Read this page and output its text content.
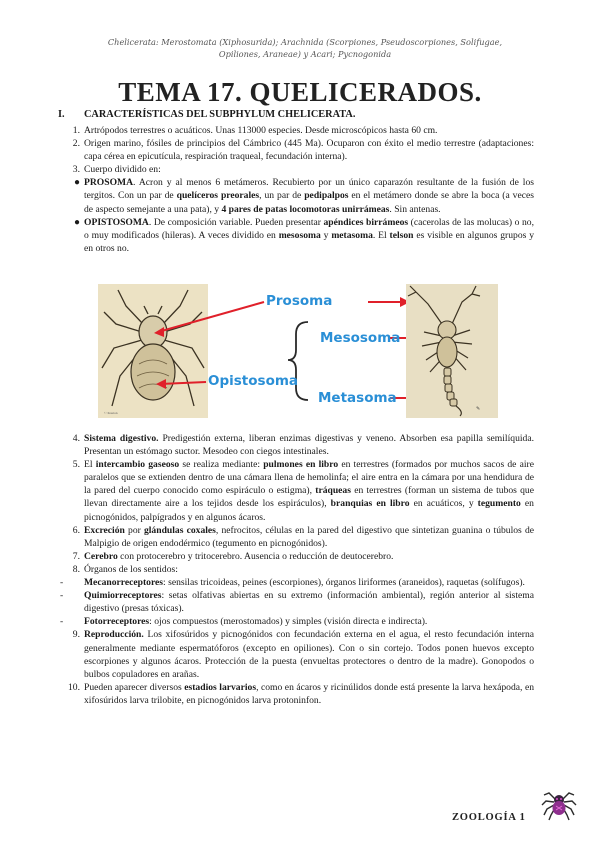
Chelicerata: Merostomata (Xiphosurida); Arachnida (Scorpiones, Pseudoscorpiones, Solifugae, Opiliones, Araneae) y Acari; Pycnogonida
TEMA 17. QUELICERADOS.
I. CARACTERÍSTICAS DEL SUBPHYLUM CHELICERATA.
1. Artrópodos terrestres o acuáticos. Unas 113000 especies. Desde microscópicos hasta 60 cm.
2. Origen marino, fósiles de principios del Cámbrico (445 Ma). Ocuparon con éxito el medio terrestre (adaptaciones: capa cérea en epicutícula, respiración traqueal, fecundación interna).
3. Cuerpo dividido en:
● PROSOMA. Acron y al menos 6 metámeros. Recubierto por un único caparazón resultante de la fusión de los tergitos. Con un par de quelíceros preorales, un par de pedipalpos en el metámero donde se abre la boca (a veces de aspecto semejante a una pata), y 4 pares de patas locomotoras unirrámeas. Sin antenas.
● OPISTOSOMA. De composición variable. Pueden presentar apéndices birrámeos (cacerolas de las molucas) o no, o muy modificados (hileras). A veces dividido en mesosoma y metasoma. El telson es visible en algunos grupos y en otros no.
© Kaston
Prosoma
Mesosoma
Opistosoma
Metasoma
✎
4. Sistema digestivo. Predigestión externa, liberan enzimas digestivas y veneno. Absorben esa papilla semilíquida. Presentan un estómago suctor. Mesodeo con ciegos intestinales.
5. El intercambio gaseoso se realiza mediante: pulmones en libro en terrestres (formados por muchos sacos de aire paralelos que se extienden dentro de una cámara llena de hemolinfa; el aire entra en la cámara por una hendidura de la pared del cuerpo conocido como espiráculo o estigma), tráqueas en terrestres (forman un sistema de tubos que llevan directamente aire a los tejidos desde los espiráculos), branquias en libro en acuáticos, y tegumento en picnogónidos, palpígrados y en algunos ácaros.
6. Excreción por glándulas coxales, nefrocitos, células en la pared del digestivo que sintetizan guanina o túbulos de Malpigio de origen endodérmico (tegumento en picnogónidos).
7. Cerebro con protocerebro y tritocerebro. Ausencia o reducción de deutocerebro.
8. Órganos de los sentidos:
-	Mecanorreceptores: sensilas tricoideas, peines (escorpiones), órganos liriformes (araneidos), raquetas (solífugos).
-	Quimiorreceptores: setas olfativas abiertas en su extremo (información ambiental), región anterior al sistema digestivo (presas tóxicas).
-	Fotorreceptores: ojos compuestos (merostomados) y simples (visión directa e indirecta).
9. Reproducción. Los xifosúridos y picnogónidos con fecundación externa en el agua, el resto fecundación interna generalmente mediante espermatóforos (excepto en opiliones). Con o sin cortejo. Todos ponen huevos excepto escorpiones y algunos ácaros. Protección de la puesta (envueltas protectores o dentro de la madre). Gonopodos o bulbos copuladores en arañas.
10. Pueden aparecer diversos estadios larvarios, como en ácaros y ricinúlidos donde está presente la larva hexápoda, en xifosúridos larva trilobite, en picnogónidos larva protoninfon.
ZOOLOGÍA 1
